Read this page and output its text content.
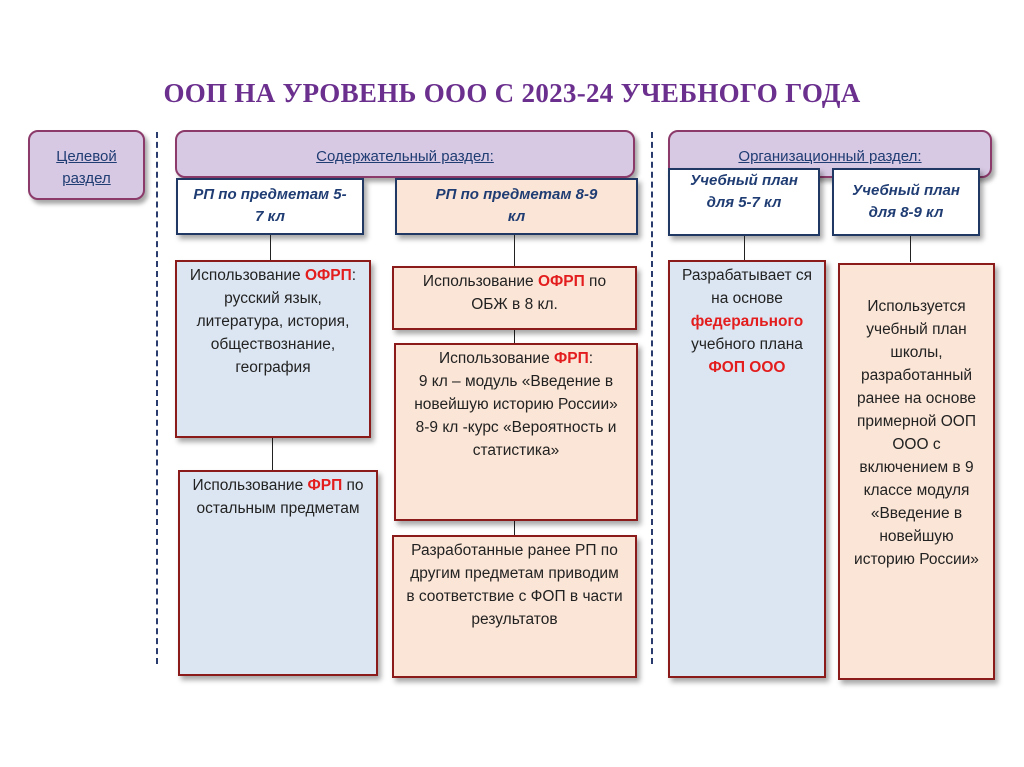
ООП НА УРОВЕНЬ ООО С 2023-24 УЧЕБНОГО ГОДА
Целевой раздел
Содержательный раздел:	Организационный раздел:
РП по предметам 5-7 кл
РП по предметам 8-9 кл
Учебный план для 5-7 кл
Учебный план для 8-9 кл
Использование ОФРП: русский язык, литература, история, обществознание, география
Использование ФРП по остальным предметам
Использование ОФРП по ОБЖ в 8 кл.
Использование ФРП:
9 кл – модуль «Введение в новейшую историю России»
8-9 кл -курс «Вероятность и статистика»
Разработанные ранее РП по другим предметам приводим в соответствие с ФОП в части результатов
Разрабатывает ся на основе федерального учебного плана ФОП ООО
Используется учебный план школы, разработанный ранее на основе примерной ООП ООО с включением в 9 классе модуля «Введение в новейшую историю России»
